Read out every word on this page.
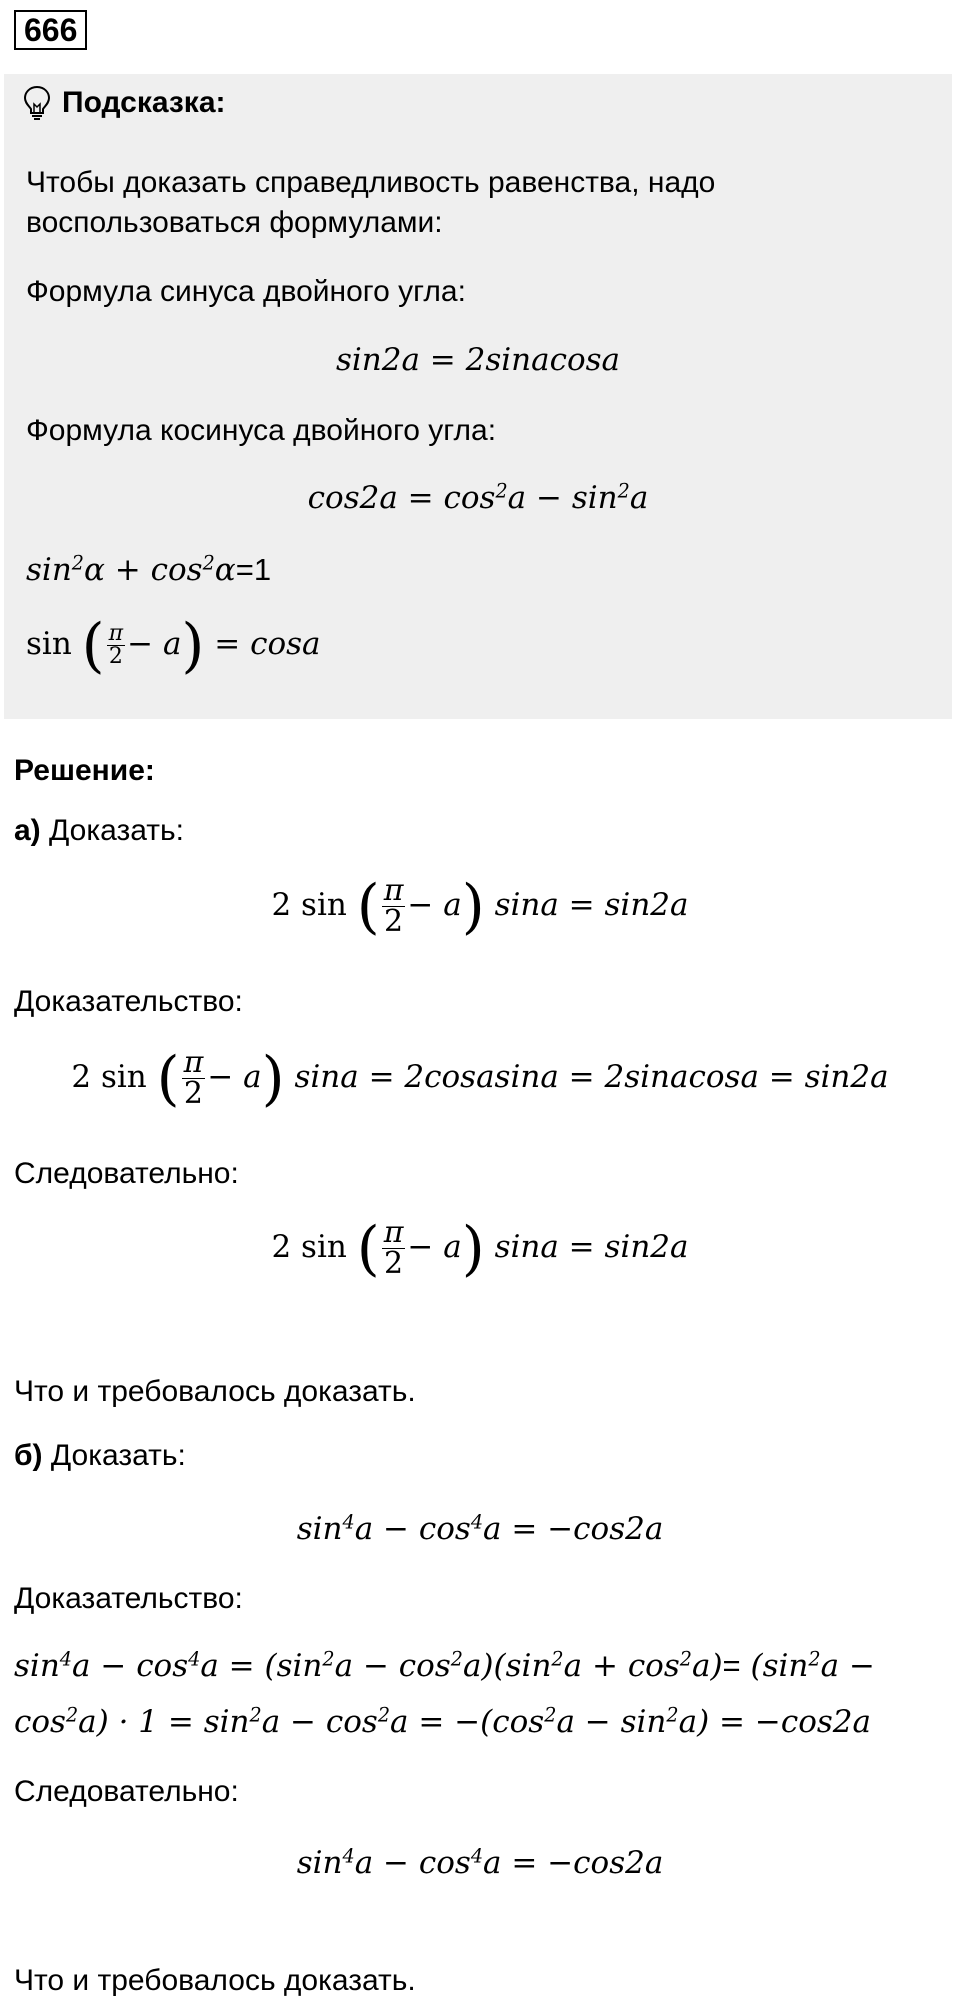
666
Подсказка:
Чтобы доказать справедливость равенства, надо
воспользоваться формулами:
Формула синуса двойного угла:
sin2a = 2sinacosa
Формула косинуса двойного угла:
$\cos 2a = \cos^2a - \sin^2a$
$\sin^2\alpha + \cos^2\alpha=1$
sin ( $\frac{\pi}{2} - a) = \cos a$
Решение:
а) Доказать:
2 sin ( $\frac{\pi}{2} - a$) sina = sin2a
Доказательство:
2 sin ( $\frac{\pi}{2} - a$) sina = 2cosasina = 2sinacosa = sin2a
Следовательно:
2 sin ( $\frac{\pi}{2} - a$) sina = sin2a
Что и требовалось доказать.
б) Доказать:
$\sin^4a - \cos^4a = -\cos 2a$
Доказательство:
$\sin^4a - \cos^4a = (\sin^2a - \cos^2a)(\sin^2a + \cos^2a)= (\sin^2a$ −
$\cos^2a) \cdot 1 = \sin^2a - \cos^2a = -(\cos^2a - \sin^2a) = -\cos 2a$
Следовательно:
$\sin^4a - \cos^4a = -\cos 2a$
Что и требовалось доказать.
